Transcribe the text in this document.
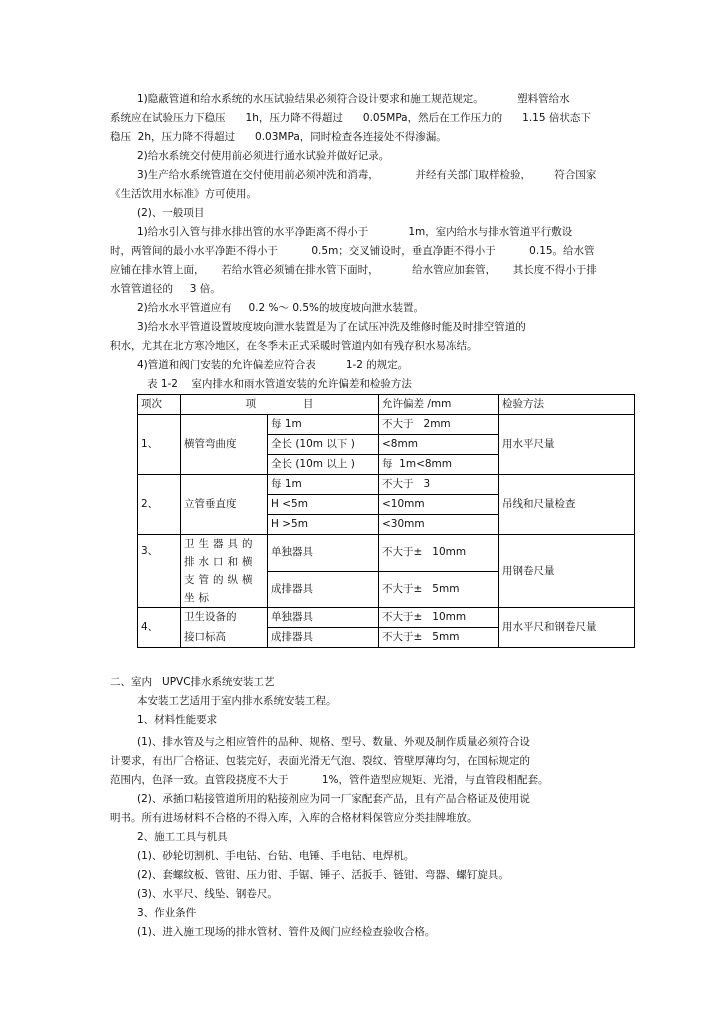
1)隐蔽管道和给水系统的水压试验结果必须符合设计要求和施工规范规定。          塑料管给水
系统应在试验压力下稳压      1h，压力降不得超过      0.05MPa，然后在工作压力的      1.15 倍状态下
稳压  2h，压力降不得超过      0.03MPa，同时检查各连接处不得渗漏。
2)给水系统交付使用前必须进行通水试验并做好记录。
3)生产给水系统管道在交付使用前必须冲洗和消毒，           并经有关部门取样检验，       符合国家
《生活饮用水标准》方可使用。
(2)、一般项目
1)给水引入管与排水排出管的水平净距离不得小于            1m，室内给水与排水管道平行敷设
时，两管间的最小水平净距不得小于          0.5m；交叉铺设时，垂直净距不得小于          0.15。给水管
应铺在排水管上面，     若给水管必须铺在排水管下面时，          给水管应加套管，     其长度不得小于排
水管管道径的     3 倍。
2)给水水平管道应有     0.2 %～ 0.5%的坡度坡向泄水装置。
3)给水水平管道设置坡度坡向泄水装置是为了在试压冲洗及维修时能及时排空管道的
积水，尤其在北方寒冷地区，在冬季未正式采暖时管道内如有残存积水易冻结。
4)管道和阀门安装的允许偏差应符合表         1-2 的规定。
表 1-2    室内排水和雨水管道安装的允许偏差和检验方法
项次	项              目		允许偏差 /mm	检验方法
1、	横管弯曲度	每 1m	不大于   2mm	用水平尺量
		全长 (10m 以下 )	<8mm	
		全长 (10m 以上 )	每  1m<8mm	
2、	立管垂直度	每 1m	不大于   3	吊线和尺量检查
		H <5m	<10mm	
		H >5m	<30mm	
3、	卫生器具的排水口和横支管的纵横坐标	单独器具	不大于±   10mm	用钢卷尺量
		成排器具	不大于±   5mm	
4、	卫生设备的	单独器具	不大于±   10mm	用水平尺和钢卷尺量
	接口标高	成排器具	不大于±   5mm	
二、室内   UPVC排水系统安装工艺
本安装工艺适用于室内排水系统安装工程。
1、材料性能要求
(1)、排水管及与之相应管件的品种、规格、型号、数量、外观及制作质量必须符合设
计要求，有出厂合格证、包装完好，表面光滑无气泡、裂纹、管壁厚薄均匀，在国标规定的
范围内，色泽一致。直管段挠度不大于          1%，管件造型应规矩、光滑，与直管段相配套。
(2)、承插口粘接管道所用的粘接剂应为同一厂家配套产品，且有产品合格证及使用说
明书。所有进场材料不合格的不得入库，入库的合格材料保管应分类挂牌堆放。
2、施工工具与机具
(1)、砂轮切割机、手电钻、台钻、电锤、手电钻、电焊机。
(2)、套螺纹板、管钳、压力钳、手锯、锤子、活扳手、链钳、弯器、螺钉旋具。
(3)、水平尺、线坠、钢卷尺。
3、作业条件
(1)、进入施工现场的排水管材、管件及阀门应经检查验收合格。
